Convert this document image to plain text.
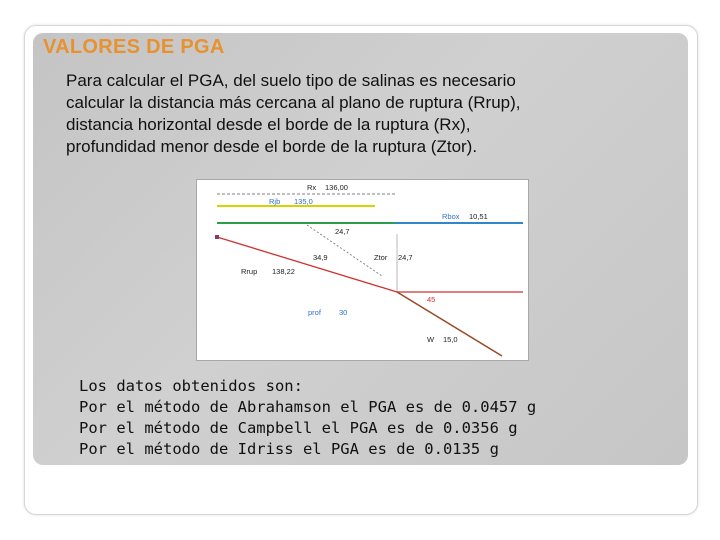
VALORES DE PGA

Para calcular el PGA, del suelo tipo de salinas es necesario
calcular la distancia más cercana al plano de ruptura (Rrup),
distancia horizontal desde el borde de la ruptura (Rx),
profundidad menor desde el borde de la ruptura (Ztor).

Rx 136,00
Rjb 135,0
Rbox 10,51
24,7
34,9	Ztor 24,7
Rrup 138,22
45
prof 30
W 15,0

Los datos obtenidos son:
Por el método de Abrahamson el PGA es de 0.0457 g
Por el método de Campbell el PGA es de 0.0356 g
Por el método de Idriss el PGA es de 0.0135 g
